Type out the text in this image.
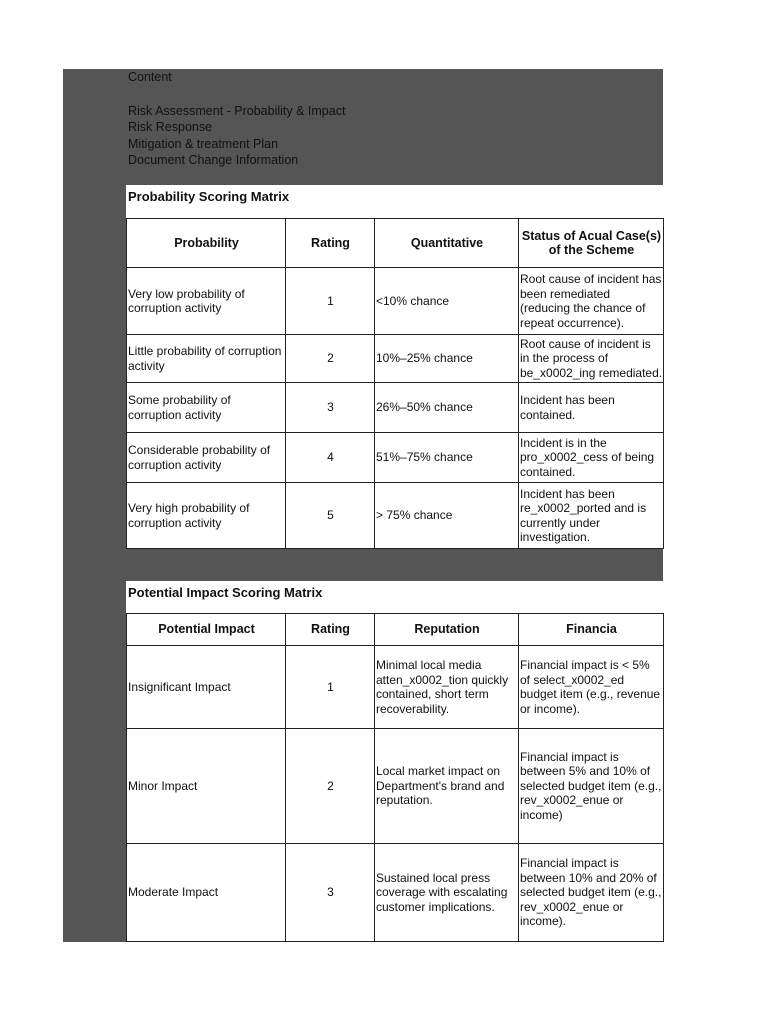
Content
Risk Assessment - Probability & Impact
Risk Response
Mitigation & treatment Plan
Document Change Information
Probability Scoring Matrix
Probability	Rating	Quantitative	Status of Acual Case(s) of the Scheme
Very low probability of corruption activity	1	<10% chance	Root cause of incident has been remediated (reducing the chance of repeat occurrence).
Little probability of corruption activity	2	10%–25% chance	Root cause of incident is in the process of be_x0002_ing remediated.
Some probability of corruption activity	3	26%–50% chance	Incident has been contained.
Considerable probability of corruption activity	4	51%–75% chance	Incident is in the pro_x0002_cess of being contained.
Very high probability of corruption activity	5	> 75% chance	Incident has been re_x0002_ported and is currently under investigation.
Potential Impact Scoring Matrix
Potential Impact	Rating	Reputation	Financia
Insignificant Impact	1	Minimal local media atten_x0002_tion quickly contained, short term recoverability.	Financial impact is < 5% of select_x0002_ed budget item (e.g., revenue or income).
Minor Impact	2	Local market impact on Department's brand and reputation.	Financial impact is between 5% and 10% of selected budget item (e.g., rev_x0002_enue or income)
Moderate Impact	3	Sustained local press coverage with escalating customer implications.	Financial impact is between 10% and 20% of selected budget item (e.g., rev_x0002_enue or income).
